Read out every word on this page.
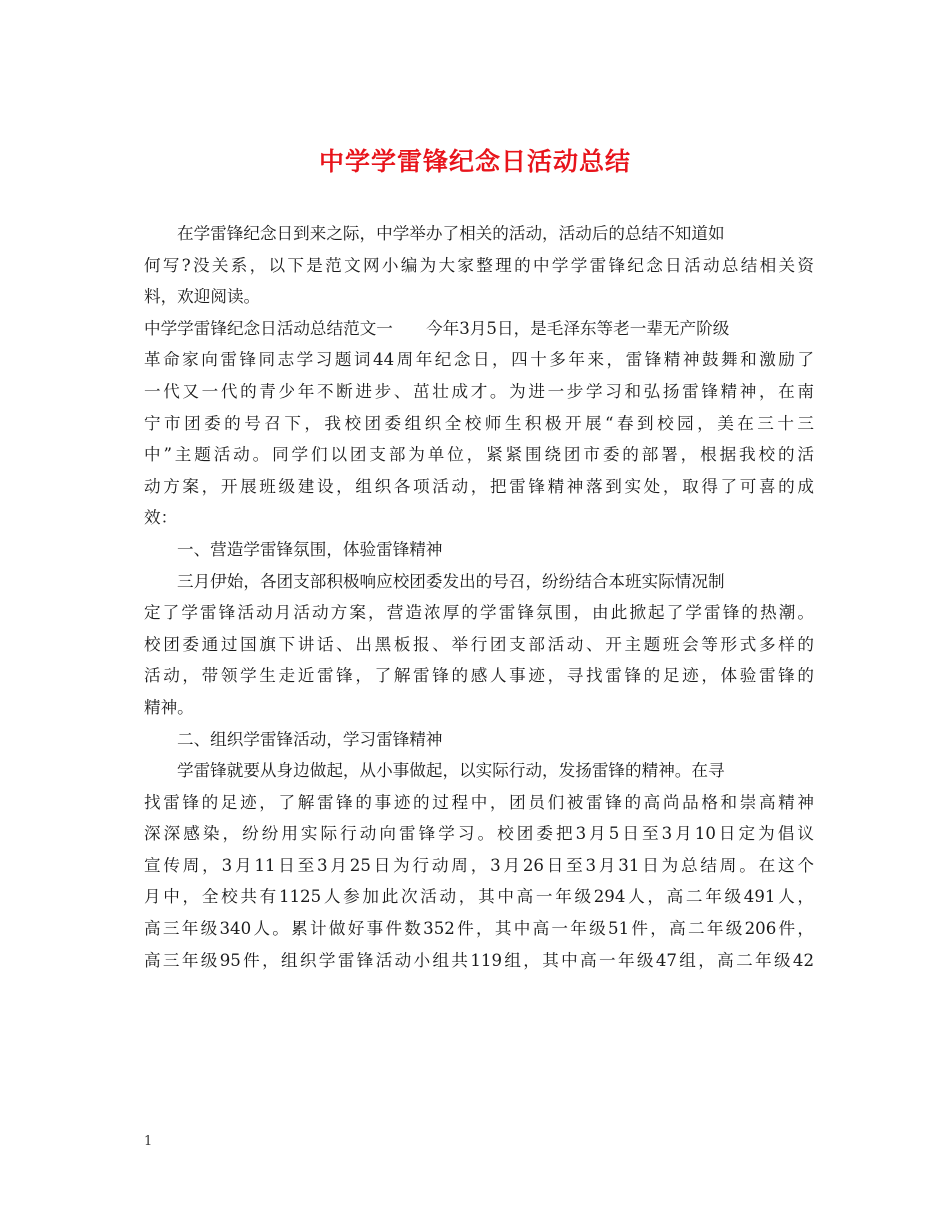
中学学雷锋纪念日活动总结
在学雷锋纪念日到来之际，中学举办了相关的活动，活动后的总结不知道如
何写?没关系，以下是范文网小编为大家整理的中学学雷锋纪念日活动总结相关资
料，欢迎阅读。
中学学雷锋纪念日活动总结范文一　　今年3月5日，是毛泽东等老一辈无产阶级
革命家向雷锋同志学习题词44周年纪念日，四十多年来，雷锋精神鼓舞和激励了
一代又一代的青少年不断进步、茁壮成才。为进一步学习和弘扬雷锋精神，在南
宁市团委的号召下，我校团委组织全校师生积极开展“春到校园，美在三十三
中”主题活动。同学们以团支部为单位，紧紧围绕团市委的部署，根据我校的活
动方案，开展班级建设，组织各项活动，把雷锋精神落到实处，取得了可喜的成
效：
一、营造学雷锋氛围，体验雷锋精神
三月伊始，各团支部积极响应校团委发出的号召，纷纷结合本班实际情况制
定了学雷锋活动月活动方案，营造浓厚的学雷锋氛围，由此掀起了学雷锋的热潮。
校团委通过国旗下讲话、出黑板报、举行团支部活动、开主题班会等形式多样的
活动，带领学生走近雷锋，了解雷锋的感人事迹，寻找雷锋的足迹，体验雷锋的
精神。
二、组织学雷锋活动，学习雷锋精神
学雷锋就要从身边做起，从小事做起，以实际行动，发扬雷锋的精神。在寻
找雷锋的足迹，了解雷锋的事迹的过程中，团员们被雷锋的高尚品格和崇高精神
深深感染，纷纷用实际行动向雷锋学习。校团委把3月5日至3月10日定为倡议
宣传周，3月11日至3月25日为行动周，3月26日至3月31日为总结周。在这个
月中，全校共有1125人参加此次活动，其中高一年级294人，高二年级491人，
高三年级340人。累计做好事件数352件，其中高一年级51件，高二年级206件，
高三年级95件，组织学雷锋活动小组共119组，其中高一年级47组，高二年级42
1
